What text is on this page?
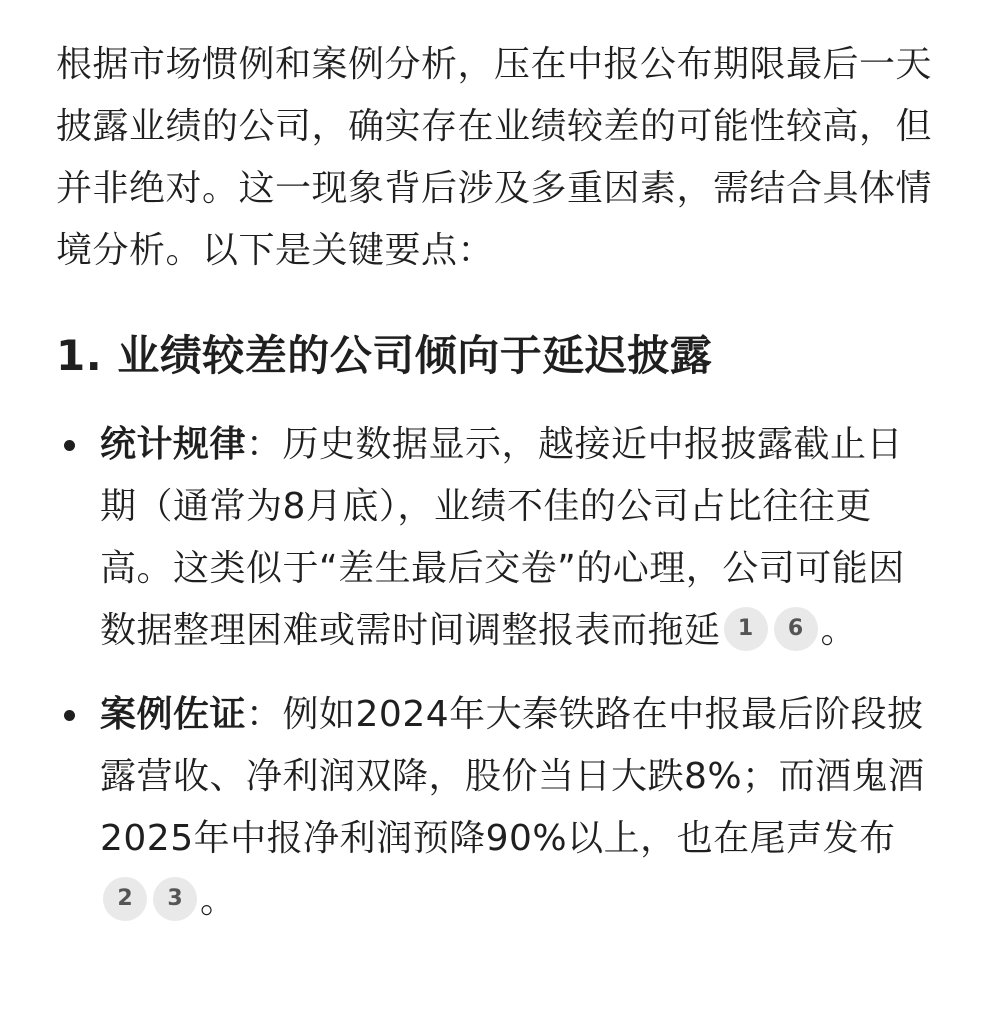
根据市场惯例和案例分析，压在中报公布期限最后一天披露业绩的公司，确实存在业绩较差的可能性较高，但并非绝对。这一现象背后涉及多重因素，需结合具体情境分析。以下是关键要点：

1. 业绩较差的公司倾向于延迟披露
统计规律：历史数据显示，越接近中报披露截止日期（通常为8月底），业绩不佳的公司占比往往更高。这类似于“差生最后交卷”的心理，公司可能因数据整理困难或需时间调整报表而拖延 1 6 。
案例佐证：例如2024年大秦铁路在中报最后阶段披露营收、净利润双降，股价当日大跌8%；而酒鬼酒2025年中报净利润预降90%以上，也在尾声发布2 3 。
